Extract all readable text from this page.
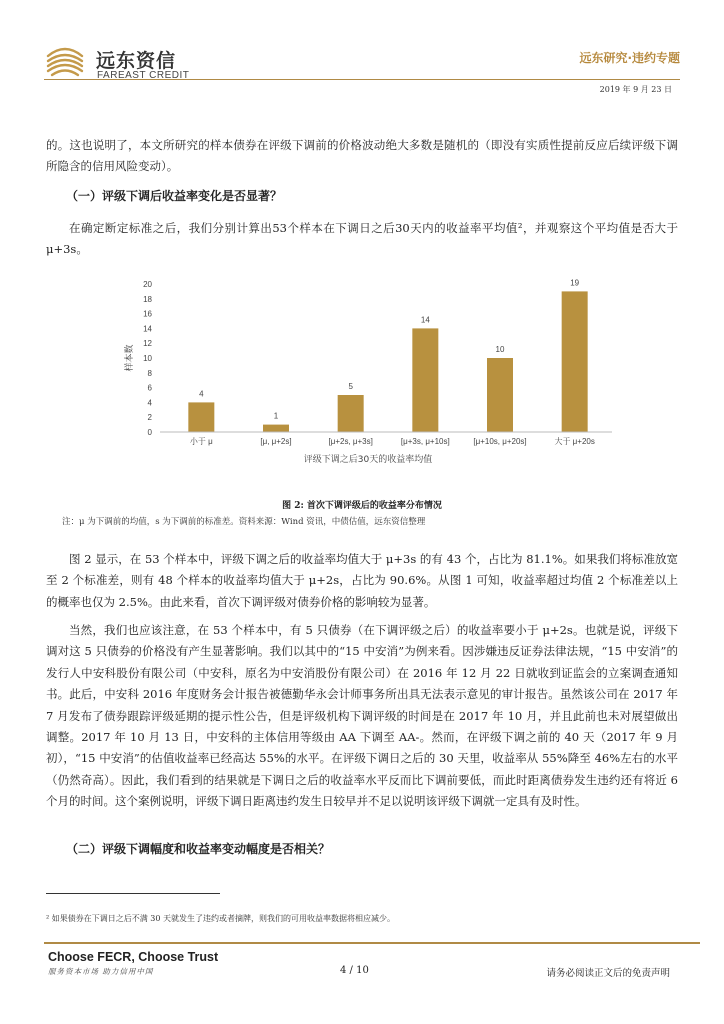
远东资信
FAREAST CREDIT
远东研究·违约专题
2019 年 9 月 23 日
的。这也说明了，本文所研究的样本债券在评级下调前的价格波动绝大多数是随机的（即没有实质性提前反应后续评级下调所隐含的信用风险变动）。
（一）评级下调后收益率变化是否显著？
在确定断定标准之后，我们分别计算出53个样本在下调日之后30天内的收益率平均值²，并观察这个平均值是否大于 μ+3s。
0
2
4
6
8
10
12
14
16
18
20
4
1
5
14
10
19
小于 μ	[μ, μ+2s]	[μ+2s, μ+3s]	[μ+3s, μ+10s]	[μ+10s, μ+20s]	大于 μ+20s
样本数
评级下调之后30天的收益率均值
图 2: 首次下调评级后的收益率分布情况
注：μ 为下调前的均值，s 为下调前的标准差。资料来源：Wind 资讯，中债估值，远东资信整理
图 2 显示，在 53 个样本中，评级下调之后的收益率均值大于 μ+3s 的有 43 个，占比为 81.1%。如果我们将标准放宽至 2 个标准差，则有 48 个样本的收益率均值大于 μ+2s，占比为 90.6%。从图 1 可知，收益率超过均值 2 个标准差以上的概率也仅为 2.5%。由此来看，首次下调评级对债券价格的影响较为显著。
当然，我们也应该注意，在 53 个样本中，有 5 只债券（在下调评级之后）的收益率要小于 μ+2s。也就是说，评级下调对这 5 只债券的价格没有产生显著影响。我们以其中的“15 中安消”为例来看。因涉嫌违反证券法律法规，“15 中安消”的发行人中安科股份有限公司（中安科，原名为中安消股份有限公司）在 2016 年 12 月 22 日就收到证监会的立案调查通知书。此后，中安科 2016 年度财务会计报告被德勤华永会计师事务所出具无法表示意见的审计报告。虽然该公司在 2017 年 7 月发布了债券跟踪评级延期的提示性公告，但是评级机构下调评级的时间是在 2017 年 10 月，并且此前也未对展望做出调整。2017 年 10 月 13 日，中安科的主体信用等级由 AA 下调至 AA-。然而，在评级下调之前的 40 天（2017 年 9 月初），“15 中安消”的估值收益率已经高达 55%的水平。在评级下调日之后的 30 天里，收益率从 55%降至 46%左右的水平（仍然奇高）。因此，我们看到的结果就是下调日之后的收益率水平反而比下调前要低，而此时距离债券发生违约还有将近 6 个月的时间。这个案例说明，评级下调日距离违约发生日较早并不足以说明该评级下调就一定具有及时性。
（二）评级下调幅度和收益率变动幅度是否相关？
² 如果债券在下调日之后不满 30 天就发生了违约或者摘牌，则我们的可用收益率数据将相应减少。
Choose FECR, Choose Trust
服务资本市场 助力信用中国	4 / 10	请务必阅读正文后的免责声明
